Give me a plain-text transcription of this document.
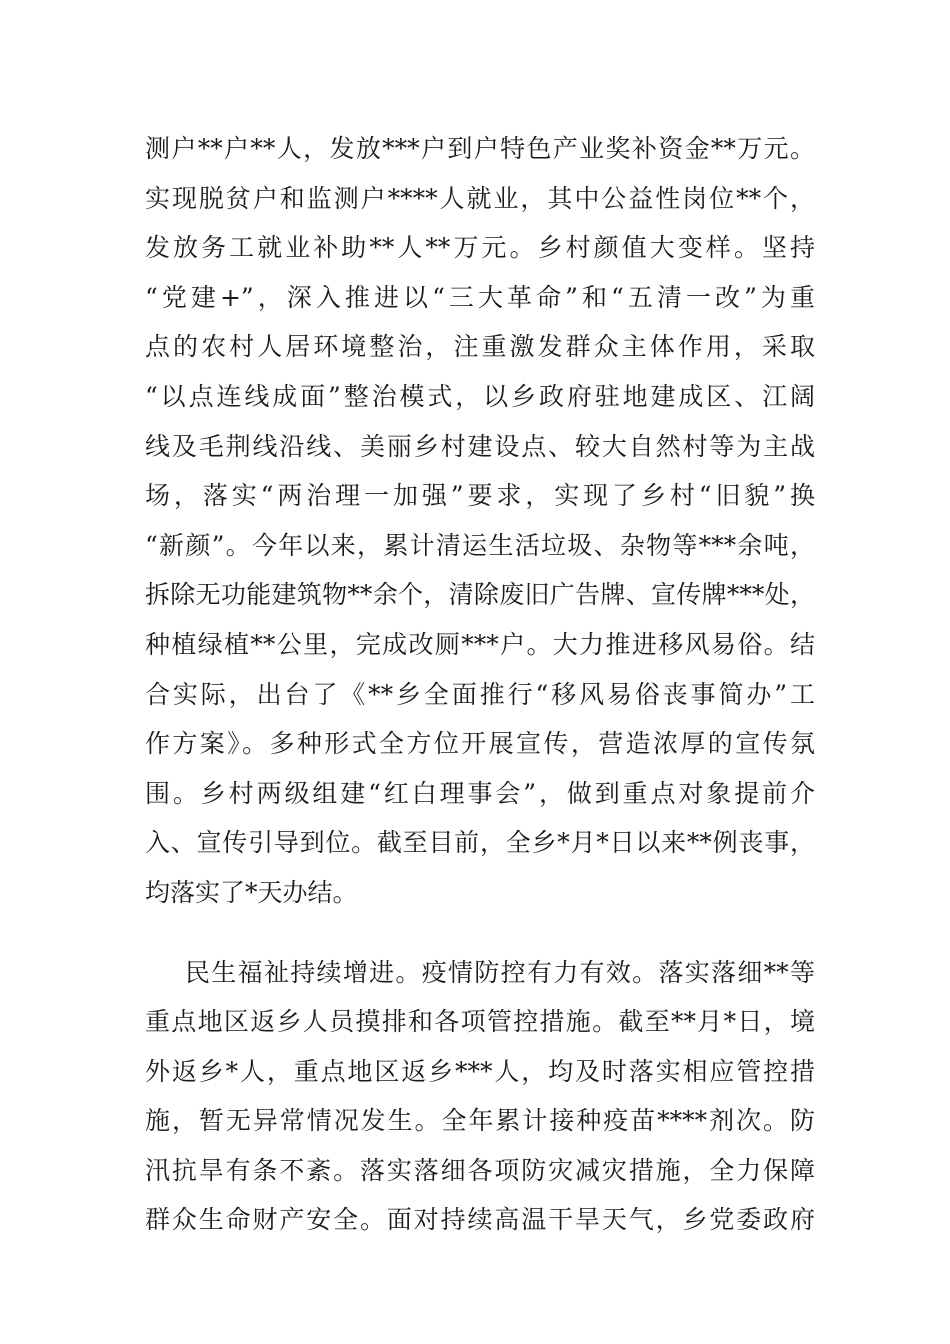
测户**户**人，发放***户到户特色产业奖补资金**万元。
实现脱贫户和监测户****人就业，其中公益性岗位**个，
发放务工就业补助**人**万元。乡村颜值大变样。坚持
“党建+”，深入推进以“三大革命”和“五清一改”为重
点的农村人居环境整治，注重激发群众主体作用，采取
“以点连线成面”整治模式，以乡政府驻地建成区、江阔
线及毛荆线沿线、美丽乡村建设点、较大自然村等为主战
场，落实“两治理一加强”要求，实现了乡村“旧貌”换
“新颜”。今年以来，累计清运生活垃圾、杂物等***余吨，
拆除无功能建筑物**余个，清除废旧广告牌、宣传牌***处，
种植绿植**公里，完成改厕***户。大力推进移风易俗。结
合实际，出台了《**乡全面推行“移风易俗丧事简办”工
作方案》。多种形式全方位开展宣传，营造浓厚的宣传氛
围。乡村两级组建“红白理事会”，做到重点对象提前介
入、宣传引导到位。截至目前，全乡*月*日以来**例丧事，
均落实了*天办结。
民生福祉持续增进。疫情防控有力有效。落实落细**等
重点地区返乡人员摸排和各项管控措施。截至**月*日，境
外返乡*人，重点地区返乡***人，均及时落实相应管控措
施，暂无异常情况发生。全年累计接种疫苗****剂次。防
汛抗旱有条不紊。落实落细各项防灾减灾措施，全力保障
群众生命财产安全。面对持续高温干旱天气，乡党委政府
